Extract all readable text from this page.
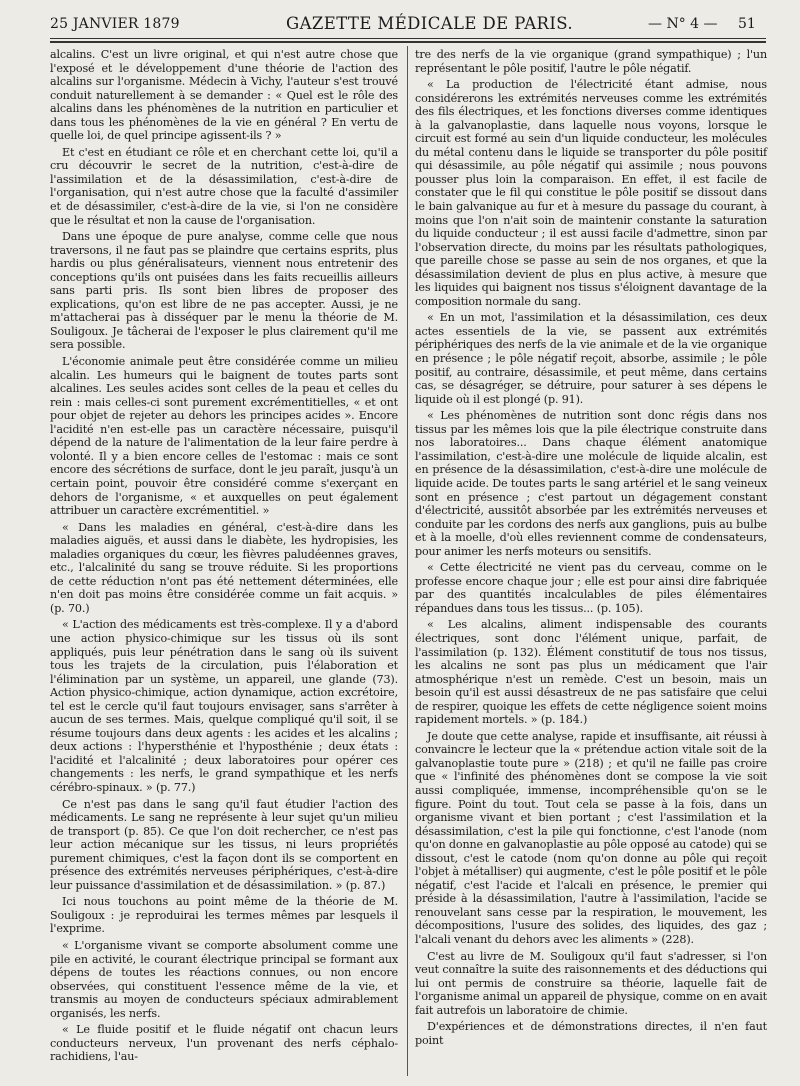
25 JANVIER 1879	GAZETTE MÉDICALE DE PARIS.	— N° 4 — 51

alcalins. C'est un livre original, et qui n'est autre chose que l'exposé et le développement d'une théorie de l'action des alcalins sur l'organisme. Médecin à Vichy, l'auteur s'est trouvé conduit naturellement à se demander : « Quel est le rôle des alcalins dans les phénomènes de la nutrition en particulier et dans tous les phénomènes de la vie en général ? En vertu de quelle loi, de quel principe agissent-ils ? »

Et c'est en étudiant ce rôle et en cherchant cette loi, qu'il a cru découvrir le secret de la nutrition, c'est-à-dire de l'assimilation et de la désassimilation, c'est-à-dire de l'organisation, qui n'est autre chose que la faculté d'assimiler et de désassimiler, c'est-à-dire de la vie, si l'on ne considère que le résultat et non la cause de l'organisation.

Dans une époque de pure analyse, comme celle que nous traversons, il ne faut pas se plaindre que certains esprits, plus hardis ou plus généralisateurs, viennent nous entretenir des conceptions qu'ils ont puisées dans les faits recueillis ailleurs sans parti pris. Ils sont bien libres de proposer des explications, qu'on est libre de ne pas accepter. Aussi, je ne m'attacherai pas à disséquer par le menu la théorie de M. Souligoux. Je tâcherai de l'exposer le plus clairement qu'il me sera possible.

L'économie animale peut être considérée comme un milieu alcalin. Les humeurs qui le baignent de toutes parts sont alcalines. Les seules acides sont celles de la peau et celles du rein : mais celles-ci sont purement excrémentitielles, « et ont pour objet de rejeter au dehors les principes acides ». Encore l'acidité n'en est-elle pas un caractère nécessaire, puisqu'il dépend de la nature de l'alimentation de la leur faire perdre à volonté. Il y a bien encore celles de l'estomac : mais ce sont encore des sécrétions de surface, dont le jeu paraît, jusqu'à un certain point, pouvoir être considéré comme s'exerçant en dehors de l'organisme, « et auxquelles on peut également attribuer un caractère excrémentitiel. »

« Dans les maladies en général, c'est-à-dire dans les maladies aiguës, et aussi dans le diabète, les hydropisies, les maladies organiques du cœur, les fièvres paludéennes graves, etc., l'alcalinité du sang se trouve réduite. Si les proportions de cette réduction n'ont pas été nettement déterminées, elle n'en doit pas moins être considérée comme un fait acquis. » (p. 70.)

« L'action des médicaments est très-complexe. Il y a d'abord une action physico-chimique sur les tissus où ils sont appliqués, puis leur pénétration dans le sang où ils suivent tous les trajets de la circulation, puis l'élaboration et l'élimination par un système, un appareil, une glande (73). Action physico-chimique, action dynamique, action excrétoire, tel est le cercle qu'il faut toujours envisager, sans s'arrêter à aucun de ses termes. Mais, quelque compliqué qu'il soit, il se résume toujours dans deux agents : les acides et les alcalins ; deux actions : l'hypersthénie et l'hyposthénie ; deux états : l'acidité et l'alcalinité ; deux laboratoires pour opérer ces changements : les nerfs, le grand sympathique et les nerfs cérébro-spinaux. » (p. 77.)

Ce n'est pas dans le sang qu'il faut étudier l'action des médicaments. Le sang ne représente à leur sujet qu'un milieu de transport (p. 85). Ce que l'on doit rechercher, ce n'est pas leur action mécanique sur les tissus, ni leurs propriétés purement chimiques, c'est la façon dont ils se comportent en présence des extrémités nerveuses périphériques, c'est-à-dire leur puissance d'assimilation et de désassimilation. » (p. 87.)

Ici nous touchons au point même de la théorie de M. Souligoux : je reproduirai les termes mêmes par lesquels il l'exprime.

« L'organisme vivant se comporte absolument comme une pile en activité, le courant électrique principal se formant aux dépens de toutes les réactions connues, ou non encore observées, qui constituent l'essence même de la vie, et transmis au moyen de conducteurs spéciaux admirablement organisés, les nerfs.

« Le fluide positif et le fluide négatif ont chacun leurs conducteurs nerveux, l'un provenant des nerfs céphalo-rachidiens, l'au-

tre des nerfs de la vie organique (grand sympathique) ; l'un représentant le pôle positif, l'autre le pôle négatif.

« La production de l'électricité étant admise, nous considérerons les extrémités nerveuses comme les extrémités des fils électriques, et les fonctions diverses comme identiques à la galvanoplastie, dans laquelle nous voyons, lorsque le circuit est formé au sein d'un liquide conducteur, les molécules du métal contenu dans le liquide se transporter du pôle positif qui désassimile, au pôle négatif qui assimile ; nous pouvons pousser plus loin la comparaison. En effet, il est facile de constater que le fil qui constitue le pôle positif se dissout dans le bain galvanique au fur et à mesure du passage du courant, à moins que l'on n'ait soin de maintenir constante la saturation du liquide conducteur ; il est aussi facile d'admettre, sinon par l'observation directe, du moins par les résultats pathologiques, que pareille chose se passe au sein de nos organes, et que la désassimilation devient de plus en plus active, à mesure que les liquides qui baignent nos tissus s'éloignent davantage de la composition normale du sang.

« En un mot, l'assimilation et la désassimilation, ces deux actes essentiels de la vie, se passent aux extrémités périphériques des nerfs de la vie animale et de la vie organique en présence ; le pôle négatif reçoit, absorbe, assimile ; le pôle positif, au contraire, désassimile, et peut même, dans certains cas, se désagréger, se détruire, pour saturer à ses dépens le liquide où il est plongé (p. 91).

« Les phénomènes de nutrition sont donc régis dans nos tissus par les mêmes lois que la pile électrique construite dans nos laboratoires... Dans chaque élément anatomique l'assimilation, c'est-à-dire une molécule de liquide alcalin, est en présence de la désassimilation, c'est-à-dire une molécule de liquide acide. De toutes parts le sang artériel et le sang veineux sont en présence ; c'est partout un dégagement constant d'électricité, aussitôt absorbée par les extrémités nerveuses et conduite par les cordons des nerfs aux ganglions, puis au bulbe et à la moelle, d'où elles reviennent comme de condensateurs, pour animer les nerfs moteurs ou sensitifs.

« Cette électricité ne vient pas du cerveau, comme on le professe encore chaque jour ; elle est pour ainsi dire fabriquée par des quantités incalculables de piles élémentaires répandues dans tous les tissus... (p. 105).

« Les alcalins, aliment indispensable des courants électriques, sont donc l'élément unique, parfait, de l'assimilation (p. 132). Élément constitutif de tous nos tissus, les alcalins ne sont pas plus un médicament que l'air atmosphérique n'est un remède. C'est un besoin, mais un besoin qu'il est aussi désastreux de ne pas satisfaire que celui de respirer, quoique les effets de cette négligence soient moins rapidement mortels. » (p. 184.)

Je doute que cette analyse, rapide et insuffisante, ait réussi à convaincre le lecteur que la « prétendue action vitale soit de la galvanoplastie toute pure » (218) ; et qu'il ne faille pas croire que « l'infinité des phénomènes dont se compose la vie soit aussi compliquée, immense, incompréhensible qu'on se le figure. Point du tout. Tout cela se passe à la fois, dans un organisme vivant et bien portant ; c'est l'assimilation et la désassimilation, c'est la pile qui fonctionne, c'est l'anode (nom qu'on donne en galvanoplastie au pôle opposé au catode) qui se dissout, c'est le catode (nom qu'on donne au pôle qui reçoit l'objet à métalliser) qui augmente, c'est le pôle positif et le pôle négatif, c'est l'acide et l'alcali en présence, le premier qui préside à la désassimilation, l'autre à l'assimilation, l'acide se renouvelant sans cesse par la respiration, le mouvement, les décompositions, l'usure des solides, des liquides, des gaz ; l'alcali venant du dehors avec les aliments » (228).

C'est au livre de M. Souligoux qu'il faut s'adresser, si l'on veut connaître la suite des raisonnements et des déductions qui lui ont permis de construire sa théorie, laquelle fait de l'organisme animal un appareil de physique, comme on en avait fait autrefois un laboratoire de chimie.

D'expériences et de démonstrations directes, il n'en faut point
